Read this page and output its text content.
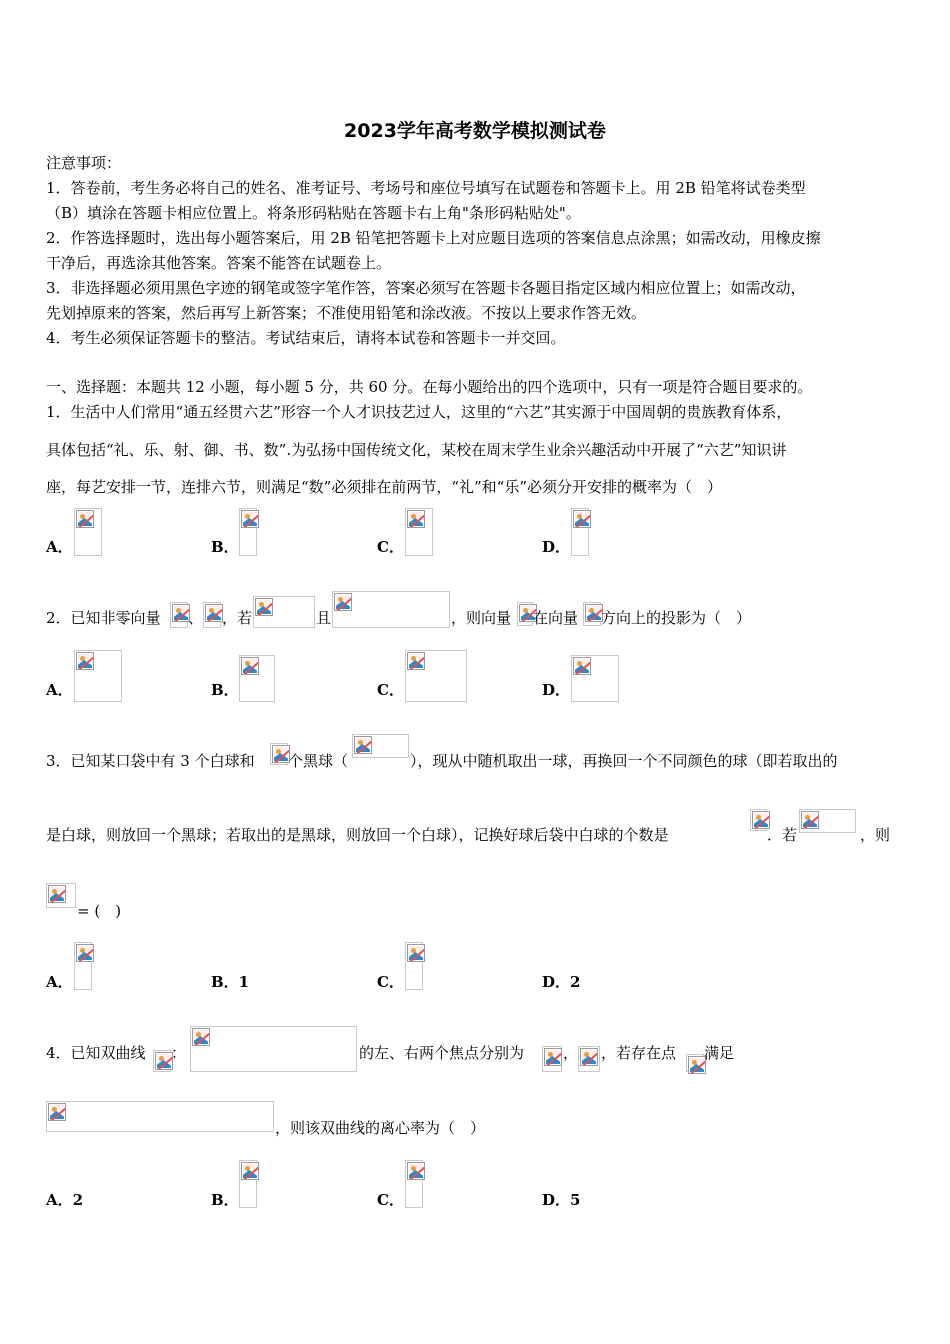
2023学年高考数学模拟测试卷
注意事项：
1．答卷前，考生务必将自己的姓名、准考证号、考场号和座位号填写在试题卷和答题卡上。用 2B 铅笔将试卷类型
（B）填涂在答题卡相应位置上。将条形码粘贴在答题卡右上角"条形码粘贴处"。
2．作答选择题时，选出每小题答案后，用 2B 铅笔把答题卡上对应题目选项的答案信息点涂黑；如需改动，用橡皮擦
干净后，再选涂其他答案。答案不能答在试题卷上。
3．非选择题必须用黑色字迹的钢笔或签字笔作答，答案必须写在答题卡各题目指定区域内相应位置上；如需改动，
先划掉原来的答案，然后再写上新答案；不准使用铅笔和涂改液。不按以上要求作答无效。
4．考生必须保证答题卡的整洁。考试结束后，请将本试卷和答题卡一并交回。
一、选择题：本题共 12 小题，每小题 5 分，共 60 分。在每小题给出的四个选项中，只有一项是符合题目要求的。
1．生活中人们常用“通五经贯六艺”形容一个人才识技艺过人，这里的“六艺”其实源于中国周朝的贵族教育体系，
具体包括“礼、乐、射、御、书、数”.为弘扬中国传统文化，某校在周末学生业余兴趣活动中开展了“六艺”知识讲
座，每艺安排一节，连排六节，则满足“数”必须排在前两节，“礼”和“乐”必须分开安排的概率为（　）
A．	B．	C．	D．
2．已知非零向量 、 ，若	且	，则向量 在向量 方向上的投影为（　）
A．	B．	C．	D．
3．已知某口袋中有 3 个白球和 个黑球（	），现从中随机取出一球，再换回一个不同颜色的球（即若取出的
是白球，则放回一个黑球；若取出的是黑球，则放回一个白球），记换好球后袋中白球的个数是	．若	，则
= (　)
A．	B．1	C．	D．2
4．已知双曲线 ：	的左、右两个焦点分别为	， ，若存在点 满足
，则该双曲线的离心率为（　）
A．2	B．	C．	D．5
